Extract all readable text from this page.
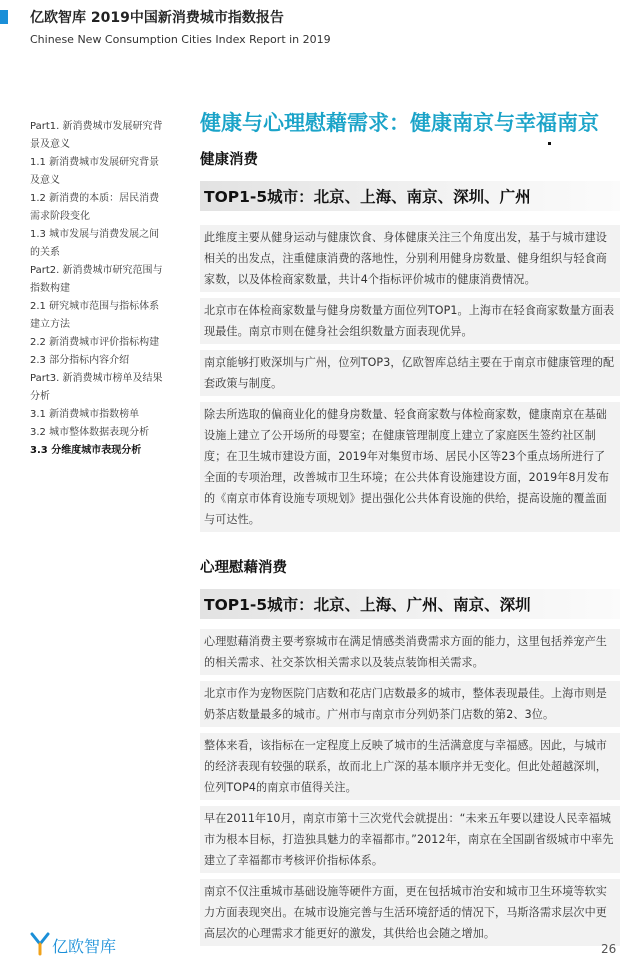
亿欧智库 2019中国新消费城市指数报告
Chinese New Consumption Cities Index Report in 2019
Part1. 新消费城市发展研究背
景及意义
1.1 新消费城市发展研究背景
及意义
1.2 新消费的本质：居民消费
需求阶段变化
1.3 城市发展与消费发展之间
的关系
Part2. 新消费城市研究范围与
指数构建
2.1 研究城市范围与指标体系
建立方法
2.2 新消费城市评价指标构建
2.3 部分指标内容介绍
Part3. 新消费城市榜单及结果
分析
3.1 新消费城市指数榜单
3.2 城市整体数据表现分析
3.3 分维度城市表现分析
健康与心理慰藉需求：健康南京与幸福南京
健康消费
TOP1-5城市：北京、上海、南京、深圳、广州

此维度主要从健身运动与健康饮食、身体健康关注三个角度出发，基于与城市建设相关的出发点，注重健康消费的落地性，分别利用健身房数量、健身组织与轻食商家数，以及体检商家数量，共计4个指标评价城市的健康消费情况。

北京市在体检商家数量与健身房数量方面位列TOP1。上海市在轻食商家数量方面表现最佳。南京市则在健身社会组织数量方面表现优异。

南京能够打败深圳与广州，位列TOP3，亿欧智库总结主要在于南京市健康管理的配套政策与制度。

除去所选取的偏商业化的健身房数量、轻食商家数与体检商家数，健康南京在基础设施上建立了公开场所的母婴室；在健康管理制度上建立了家庭医生签约社区制度；在卫生城市建设方面，2019年对集贸市场、居民小区等23个重点场所进行了全面的专项治理，改善城市卫生环境；在公共体育设施建设方面，2019年8月发布的《南京市体育设施专项规划》提出强化公共体育设施的供给，提高设施的覆盖面与可达性。

心理慰藉消费
TOP1-5城市：北京、上海、广州、南京、深圳

心理慰藉消费主要考察城市在满足情感类消费需求方面的能力，这里包括养宠产生的相关需求、社交茶饮相关需求以及装点装饰相关需求。

北京市作为宠物医院门店数和花店门店数最多的城市，整体表现最佳。上海市则是奶茶店数量最多的城市。广州市与南京市分列奶茶门店数的第2、3位。

整体来看，该指标在一定程度上反映了城市的生活满意度与幸福感。因此，与城市的经济表现有较强的联系，故而北上广深的基本顺序并无变化。但此处超越深圳，位列TOP4的南京市值得关注。

早在2011年10月，南京市第十三次党代会就提出：“未来五年要以建设人民幸福城市为根本目标，打造独具魅力的幸福都市。”2012年，南京在全国副省级城市中率先建立了幸福都市考核评价指标体系。

南京不仅注重城市基础设施等硬件方面，更在包括城市治安和城市卫生环境等软实力方面表现突出。在城市设施完善与生活环境舒适的情况下，马斯洛需求层次中更高层次的心理需求才能更好的激发，其供给也会随之增加。

亿欧智库	26
